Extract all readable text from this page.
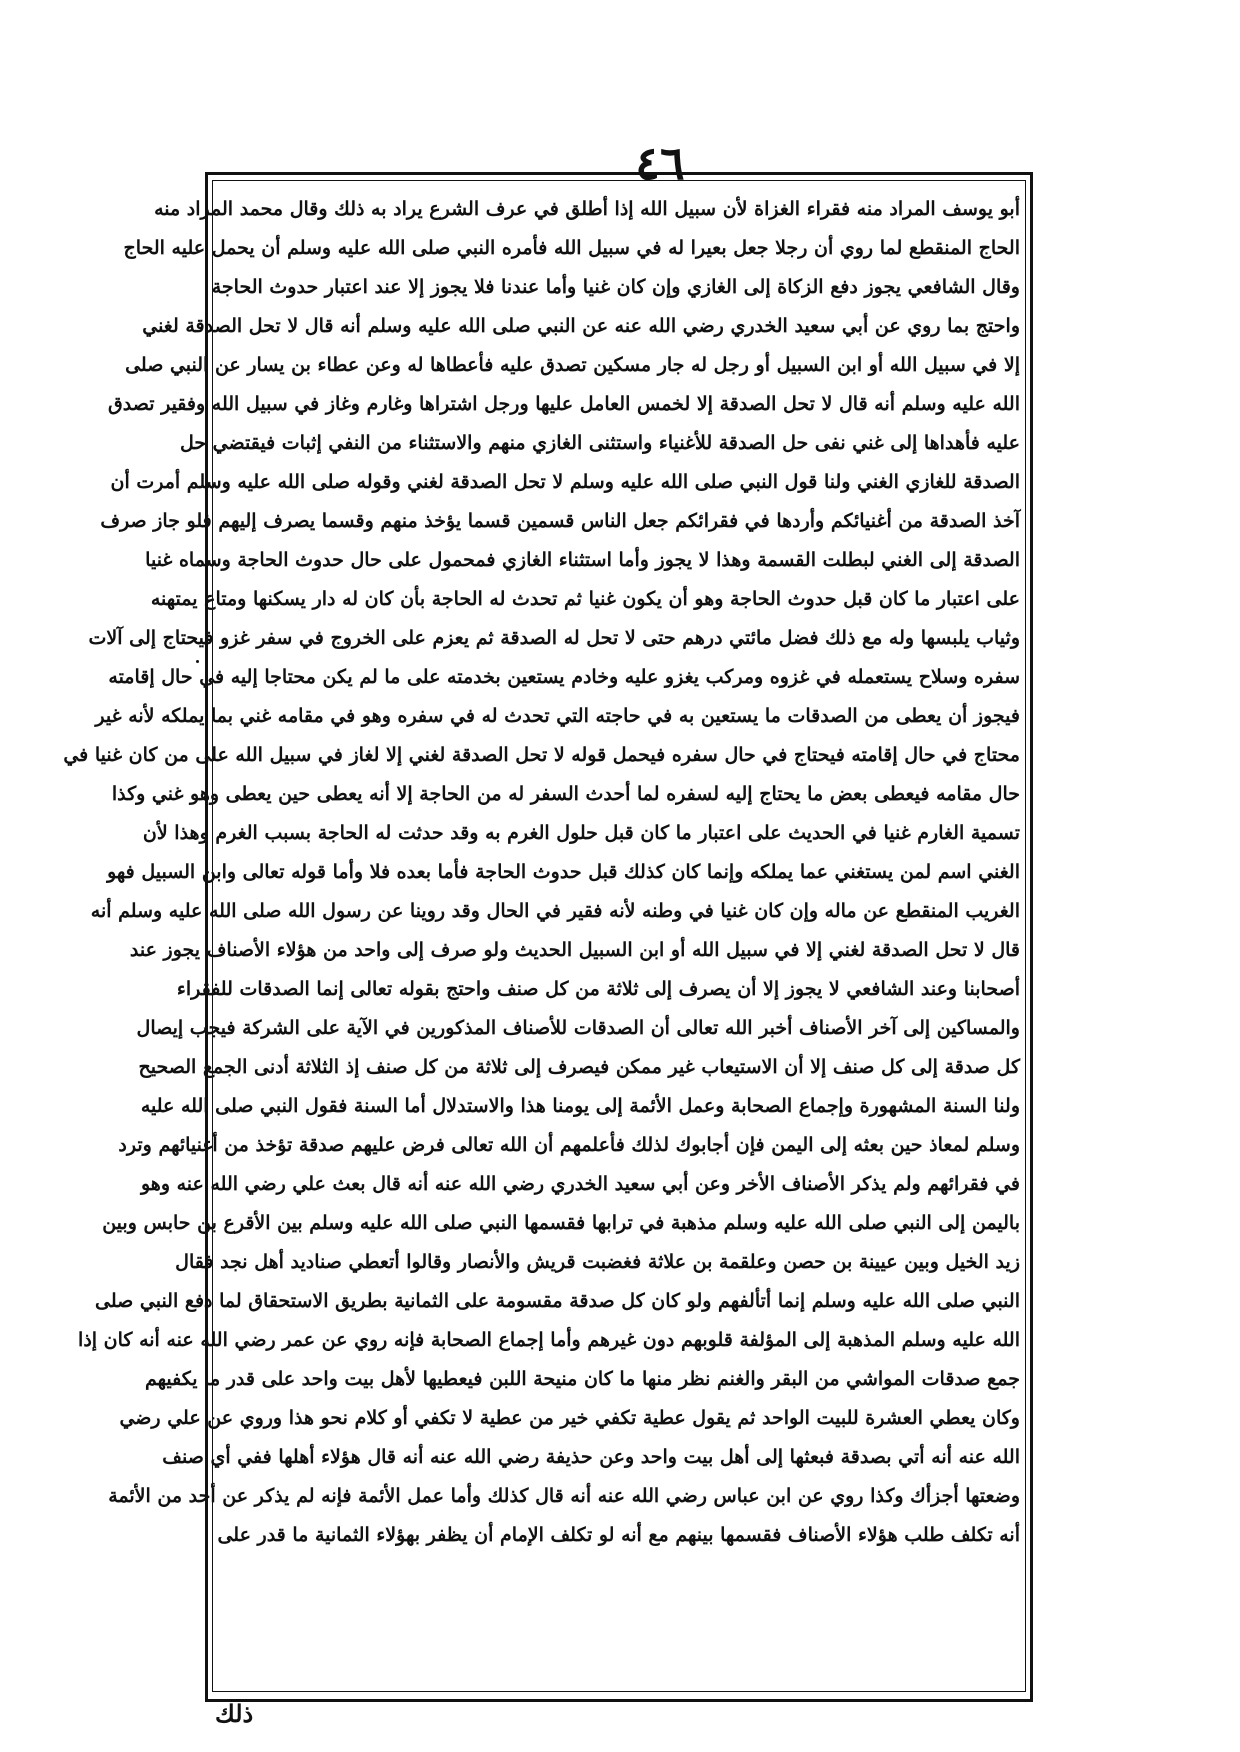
٤٦
أبو يوسف المراد منه فقراء الغزاة لأن سبيل الله إذا أطلق في عرف الشرع يراد به ذلك وقال محمد المراد منه
الحاج المنقطع لما روي أن رجلا جعل بعيرا له في سبيل الله فأمره النبي صلى الله عليه وسلم أن يحمل عليه الحاج
وقال الشافعي يجوز دفع الزكاة إلى الغازي وإن كان غنيا وأما عندنا فلا يجوز إلا عند اعتبار حدوث الحاجة
واحتج بما روي عن أبي سعيد الخدري رضي الله عنه عن النبي صلى الله عليه وسلم أنه قال لا تحل الصدقة لغني
إلا في سبيل الله أو ابن السبيل أو رجل له جار مسكين تصدق عليه فأعطاها له وعن عطاء بن يسار عن النبي صلى
الله عليه وسلم أنه قال لا تحل الصدقة إلا لخمس العامل عليها ورجل اشتراها وغارم وغاز في سبيل الله وفقير تصدق
عليه فأهداها إلى غني نفى حل الصدقة للأغنياء واستثنى الغازي منهم والاستثناء من النفي إثبات فيقتضي حل
الصدقة للغازي الغني ولنا قول النبي صلى الله عليه وسلم لا تحل الصدقة لغني وقوله صلى الله عليه وسلم أمرت أن
آخذ الصدقة من أغنيائكم وأردها في فقرائكم جعل الناس قسمين قسما يؤخذ منهم وقسما يصرف إليهم فلو جاز صرف
الصدقة إلى الغني لبطلت القسمة وهذا لا يجوز وأما استثناء الغازي فمحمول على حال حدوث الحاجة وسماه غنيا
على اعتبار ما كان قبل حدوث الحاجة وهو أن يكون غنيا ثم تحدث له الحاجة بأن كان له دار يسكنها ومتاع يمتهنه
وثياب يلبسها وله مع ذلك فضل مائتي درهم حتى لا تحل له الصدقة ثم يعزم على الخروج في سفر غزو فيحتاج إلى آلات
سفره وسلاح يستعمله في غزوه ومركب يغزو عليه وخادم يستعين بخدمته على ما لم يكن محتاجا إليه في حال إقامته
فيجوز أن يعطى من الصدقات ما يستعين به في حاجته التي تحدث له في سفره وهو في مقامه غني بما يملكه لأنه غير
محتاج في حال إقامته فيحتاج في حال سفره فيحمل قوله لا تحل الصدقة لغني إلا لغاز في سبيل الله على من كان غنيا في
حال مقامه فيعطى بعض ما يحتاج إليه لسفره لما أحدث السفر له من الحاجة إلا أنه يعطى حين يعطى وهو غني وكذا
تسمية الغارم غنيا في الحديث على اعتبار ما كان قبل حلول الغرم به وقد حدثت له الحاجة بسبب الغرم وهذا لأن
الغني اسم لمن يستغني عما يملكه وإنما كان كذلك قبل حدوث الحاجة فأما بعده فلا وأما قوله تعالى وابن السبيل فهو
الغريب المنقطع عن ماله وإن كان غنيا في وطنه لأنه فقير في الحال وقد روينا عن رسول الله صلى الله عليه وسلم أنه
قال لا تحل الصدقة لغني إلا في سبيل الله أو ابن السبيل الحديث ولو صرف إلى واحد من هؤلاء الأصناف يجوز عند
أصحابنا وعند الشافعي لا يجوز إلا أن يصرف إلى ثلاثة من كل صنف واحتج بقوله تعالى إنما الصدقات للفقراء
والمساكين إلى آخر الأصناف أخبر الله تعالى أن الصدقات للأصناف المذكورين في الآية على الشركة فيجب إيصال
كل صدقة إلى كل صنف إلا أن الاستيعاب غير ممكن فيصرف إلى ثلاثة من كل صنف إذ الثلاثة أدنى الجمع الصحيح
ولنا السنة المشهورة وإجماع الصحابة وعمل الأئمة إلى يومنا هذا والاستدلال أما السنة فقول النبي صلى الله عليه
وسلم لمعاذ حين بعثه إلى اليمن فإن أجابوك لذلك فأعلمهم أن الله تعالى فرض عليهم صدقة تؤخذ من أغنيائهم وترد
في فقرائهم ولم يذكر الأصناف الأخر وعن أبي سعيد الخدري رضي الله عنه أنه قال بعث علي رضي الله عنه وهو
باليمن إلى النبي صلى الله عليه وسلم مذهبة في ترابها فقسمها النبي صلى الله عليه وسلم بين الأقرع بن حابس وبين
زيد الخيل وبين عيينة بن حصن وعلقمة بن علاثة فغضبت قريش والأنصار وقالوا أتعطي صناديد أهل نجد فقال
النبي صلى الله عليه وسلم إنما أتألفهم ولو كان كل صدقة مقسومة على الثمانية بطريق الاستحقاق لما دفع النبي صلى
الله عليه وسلم المذهبة إلى المؤلفة قلوبهم دون غيرهم وأما إجماع الصحابة فإنه روي عن عمر رضي الله عنه أنه كان إذا
جمع صدقات المواشي من البقر والغنم نظر منها ما كان منيحة اللبن فيعطيها لأهل بيت واحد على قدر ما يكفيهم
وكان يعطي العشرة للبيت الواحد ثم يقول عطية تكفي خير من عطية لا تكفي أو كلام نحو هذا وروي عن علي رضي
الله عنه أنه أتي بصدقة فبعثها إلى أهل بيت واحد وعن حذيفة رضي الله عنه أنه قال هؤلاء أهلها ففي أي صنف
وضعتها أجزأك وكذا روي عن ابن عباس رضي الله عنه أنه قال كذلك وأما عمل الأئمة فإنه لم يذكر عن أحد من الأئمة
أنه تكلف طلب هؤلاء الأصناف فقسمها بينهم مع أنه لو تكلف الإمام أن يظفر بهؤلاء الثمانية ما قدر على
ذلك
